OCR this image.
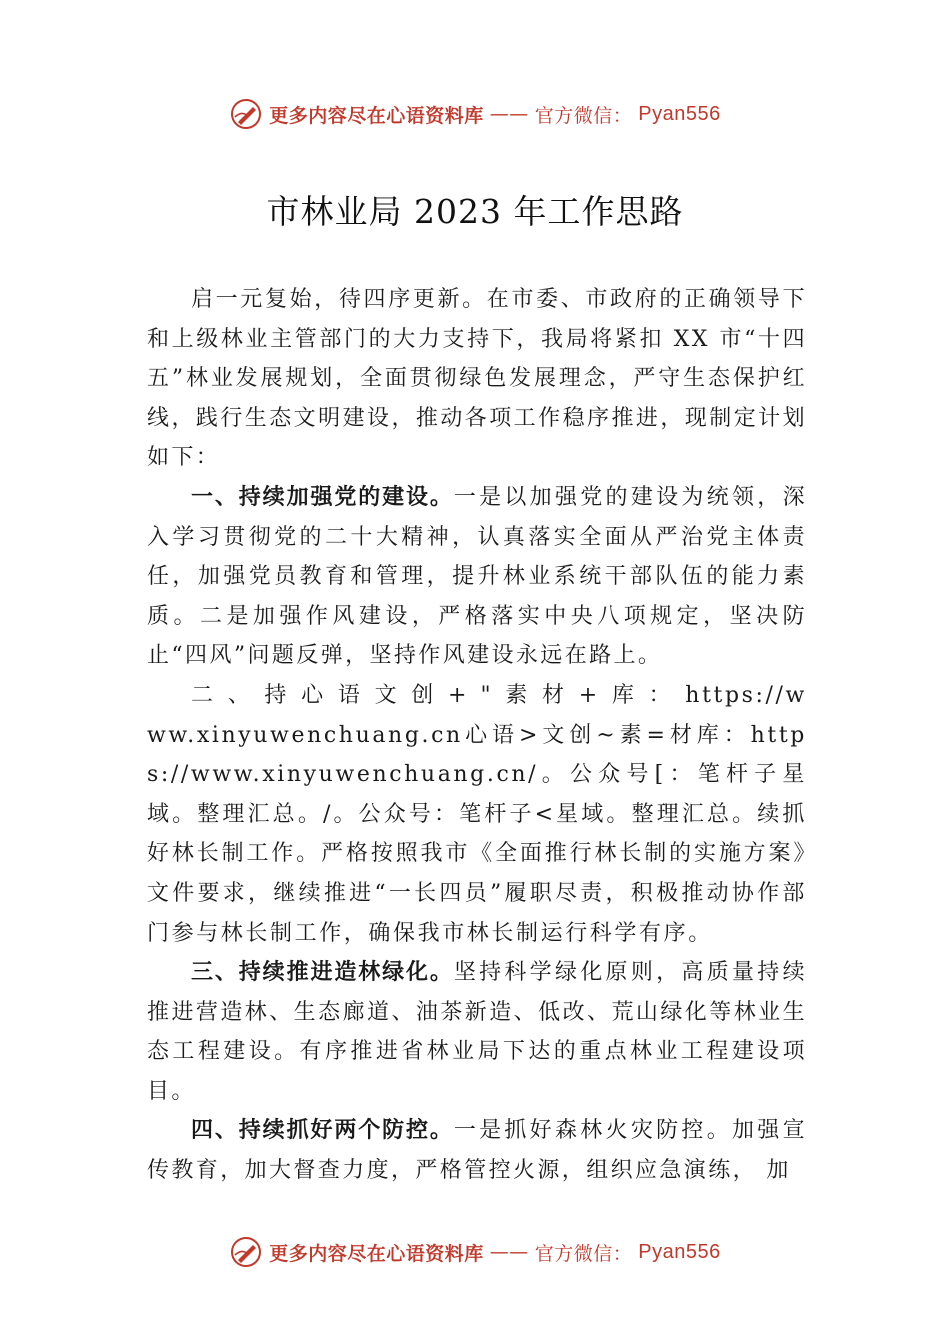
更多内容尽在心语资料库 —— 官方微信： Pyan556
市林业局 2023 年工作思路

启一元复始，待四序更新。在市委、市政府的正确领导下和上级林业主管部门的大力支持下，我局将紧扣 XX 市“十四五”林业发展规划，全面贯彻绿色发展理念，严守生态保护红线，践行生态文明建设，推动各项工作稳序推进，现制定计划如下：

一、持续加强党的建设。一是以加强党的建设为统领，深入学习贯彻党的二十大精神，认真落实全面从严治党主体责任，加强党员教育和管理，提升林业系统干部队伍的能力素质。二是加强作风建设，严格落实中央八项规定，坚决防止“四风”问题反弹，坚持作风建设永远在路上。

二、持心语文创+"素材+库：https://www.xinyuwenchuang.cn心语>文创~素=材库：https://www.xinyuwenchuang.cn/。公众号[：笔杆子星域。整理汇总。/。公众号：笔杆子<星域。整理汇总。续抓好林长制工作。严格按照我市《全面推行林长制的实施方案》文件要求，继续推进“一长四员”履职尽责，积极推动协作部门参与林长制工作，确保我市林长制运行科学有序。

三、持续推进造林绿化。坚持科学绿化原则，高质量持续推进营造林、生态廊道、油茶新造、低改、荒山绿化等林业生态工程建设。有序推进省林业局下达的重点林业工程建设项目。

四、持续抓好两个防控。一是抓好森林火灾防控。加强宣传教育，加大督查力度，严格管控火源，组织应急演练， 加

更多内容尽在心语资料库 —— 官方微信： Pyan556
